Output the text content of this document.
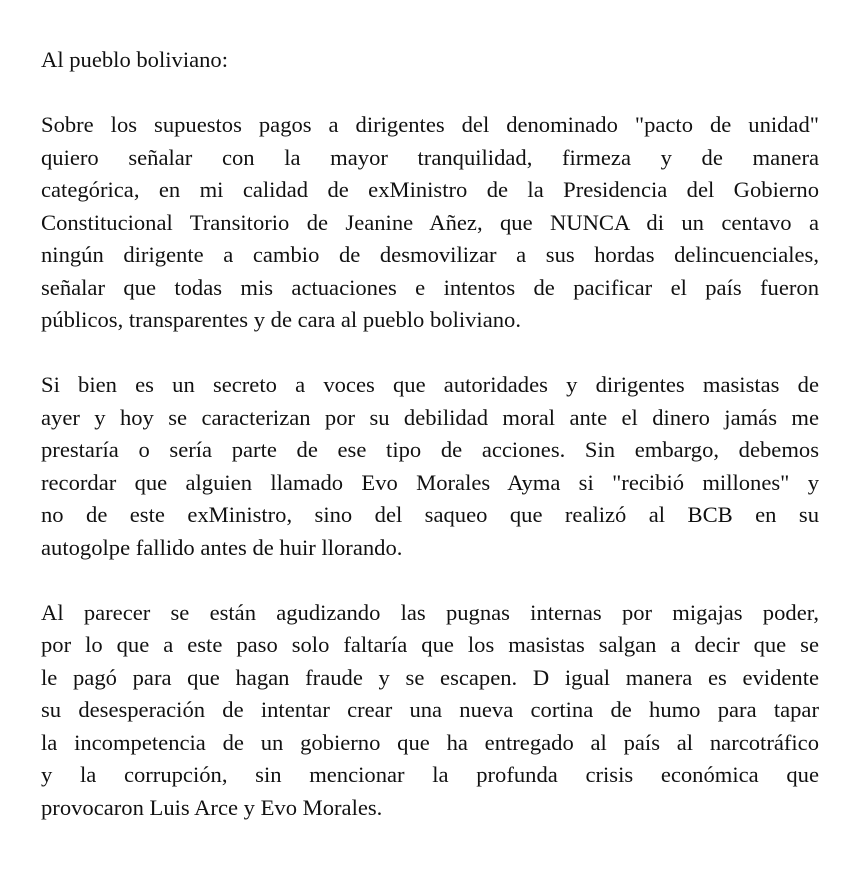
Al pueblo boliviano:

Sobre los supuestos pagos a dirigentes del denominado "pacto de unidad"
quiero señalar con la mayor tranquilidad, firmeza y de manera
categórica, en mi calidad de exMinistro de la Presidencia del Gobierno
Constitucional Transitorio de Jeanine Añez, que NUNCA di un centavo a
ningún dirigente a cambio de desmovilizar a sus hordas delincuenciales,
señalar que todas mis actuaciones e intentos de pacificar el país fueron
públicos, transparentes y de cara al pueblo boliviano.

Si bien es un secreto a voces que autoridades y dirigentes masistas de
ayer y hoy se caracterizan por su debilidad moral ante el dinero jamás me
prestaría o sería parte de ese tipo de acciones. Sin embargo, debemos
recordar que alguien llamado Evo Morales Ayma si "recibió millones" y
no de este exMinistro, sino del saqueo que realizó al BCB en su
autogolpe fallido antes de huir llorando.

Al parecer se están agudizando las pugnas internas por migajas poder,
por lo que a este paso solo faltaría que los masistas salgan a decir que se
le pagó para que hagan fraude y se escapen. D igual manera es evidente
su desesperación de intentar crear una nueva cortina de humo para tapar
la incompetencia de un gobierno que ha entregado al país al narcotráfico
y la corrupción, sin mencionar la profunda crisis económica que
provocaron Luis Arce y Evo Morales.
